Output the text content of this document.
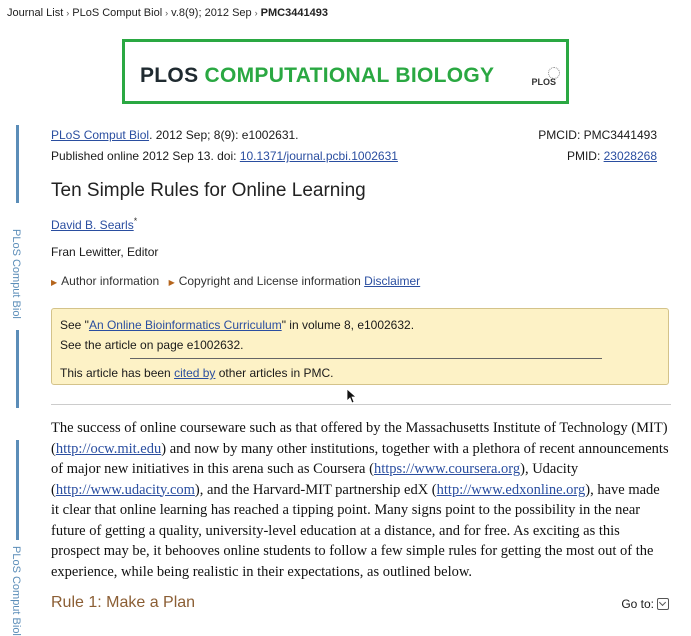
Journal List › PLoS Comput Biol › v.8(9); 2012 Sep › PMC3441493
PLOS COMPUTATIONAL BIOLOGY	PLOS
PLoS Comput Biol
PLoS Comput Biol
PLoS Comput Biol. 2012 Sep; 8(9): e1002631.
Published online 2012 Sep 13. doi: 10.1371/journal.pcbi.1002631
PMCID: PMC3441493
PMID: 23028268
Ten Simple Rules for Online Learning
David B. Searls*
Fran Lewitter, Editor
▶ Author information ▶ Copyright and License information Disclaimer
See "An Online Bioinformatics Curriculum" in volume 8, e1002632.
See the article on page e1002632.
This article has been cited by other articles in PMC.
The success of online courseware such as that offered by the Massachusetts Institute of Technology (MIT) (http://ocw.mit.edu) and now by many other institutions, together with a plethora of recent announcements of major new initiatives in this arena such as Coursera (https://www.coursera.org), Udacity (http://www.udacity.com), and the Harvard-MIT partnership edX (http://www.edxonline.org), have made it clear that online learning has reached a tipping point. Many signs point to the possibility in the near future of getting a quality, university-level education at a distance, and for free. As exciting as this prospect may be, it behooves online students to follow a few simple rules for getting the most out of the experience, while being realistic in their expectations, as outlined below.
Rule 1: Make a Plan	Go to:
